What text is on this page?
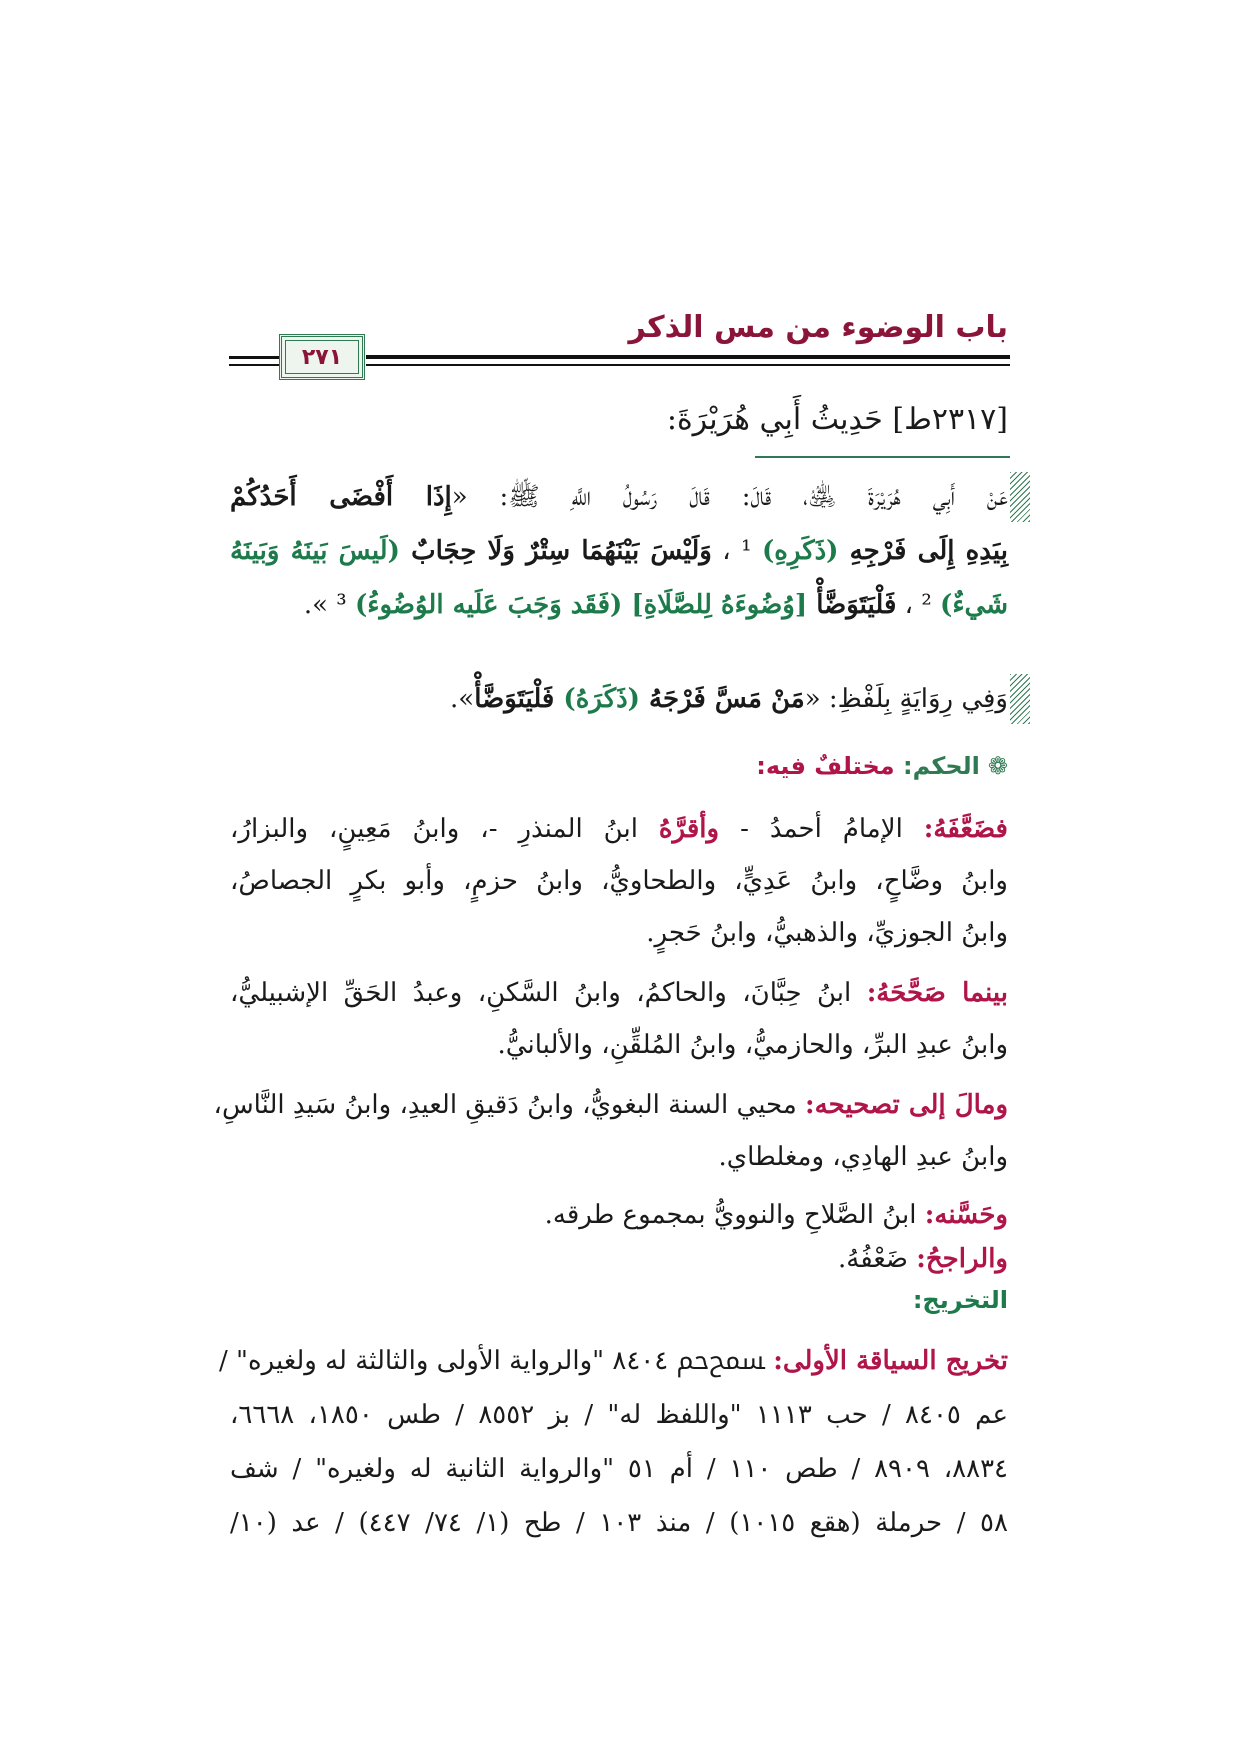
باب الوضوء من مس الذكر
٢٧١
[٢٣١٧ط] حَدِيثُ أَبِي هُرَيْرَةَ:
عَنْ أَبِي هُرَيْرَةَ ﵁، قَالَ: قَالَ رَسُولُ اللَّهِ ﷺ: «إِذَا أَفْضَى أَحَدُكُمْ
بِيَدِهِ إِلَى فَرْجِهِ (ذَكَرِهِ) ¹ ، وَلَيْسَ بَيْنَهُمَا سِتْرٌ وَلَا حِجَابٌ (لَيسَ بَينَهُ وَبَينَهُ
شَيءٌ) ² ، فَلْيَتَوَضَّأْ [وُضُوءَهُ لِلصَّلَاةِ] (فَقَد وَجَبَ عَلَيه الوُضُوءُ) ³ ».
وَفِي رِوَايَةٍ بِلَفْظِ: «مَنْ مَسَّ فَرْجَهُ (ذَكَرَهُ) فَلْيَتَوَضَّأْ».
❁الحكم: مختلفٌ فيه:
فضَعَّفَهُ: الإمامُ أحمدُ - وأقرَّهُ ابنُ المنذرِ -، وابنُ مَعِينٍ، والبزارُ،
وابنُ وضَّاحٍ، وابنُ عَدِيٍّ، والطحاويُّ، وابنُ حزمٍ، وأبو بكرٍ الجصاصُ،
وابنُ الجوزيِّ، والذهبيُّ، وابنُ حَجرٍ.
بينما صَحَّحَهُ: ابنُ حِبَّانَ، والحاكمُ، وابنُ السَّكنِ، وعبدُ الحَقِّ الإشبيليُّ،
وابنُ عبدِ البرِّ، والحازميُّ، وابنُ المُلقِّنِ، والألبانيُّ.
ومالَ إلى تصحيحه: محيي السنة البغويُّ، وابنُ دَقيقِ العيدِ، وابنُ سَيدِ النَّاسِ،
وابنُ عبدِ الهادِي، ومغلطاي.
وحَسَّنه: ابنُ الصَّلاحِ والنوويُّ بمجموع طرقه.
والراجحُ: ضَعْفُهُ.
التخريج:
تخريج السياقة الأولى: ﵟحم ٨٤٠٤ "والرواية الأولى والثالثة له ولغيره" /
عم ٨٤٠٥ / حب ١١١٣ "واللفظ له" / بز ٨٥٥٢ / طس ١٨٥٠، ٦٦٦٨،
٨٨٣٤، ٨٩٠٩ / طص ١١٠ / أم ٥١ "والرواية الثانية له ولغيره" / شف
٥٨ / حرملة (هقع ١٠١٥) / منذ ١٠٣ / طح (١/ ٧٤/ ٤٤٧) / عد (١٠/
